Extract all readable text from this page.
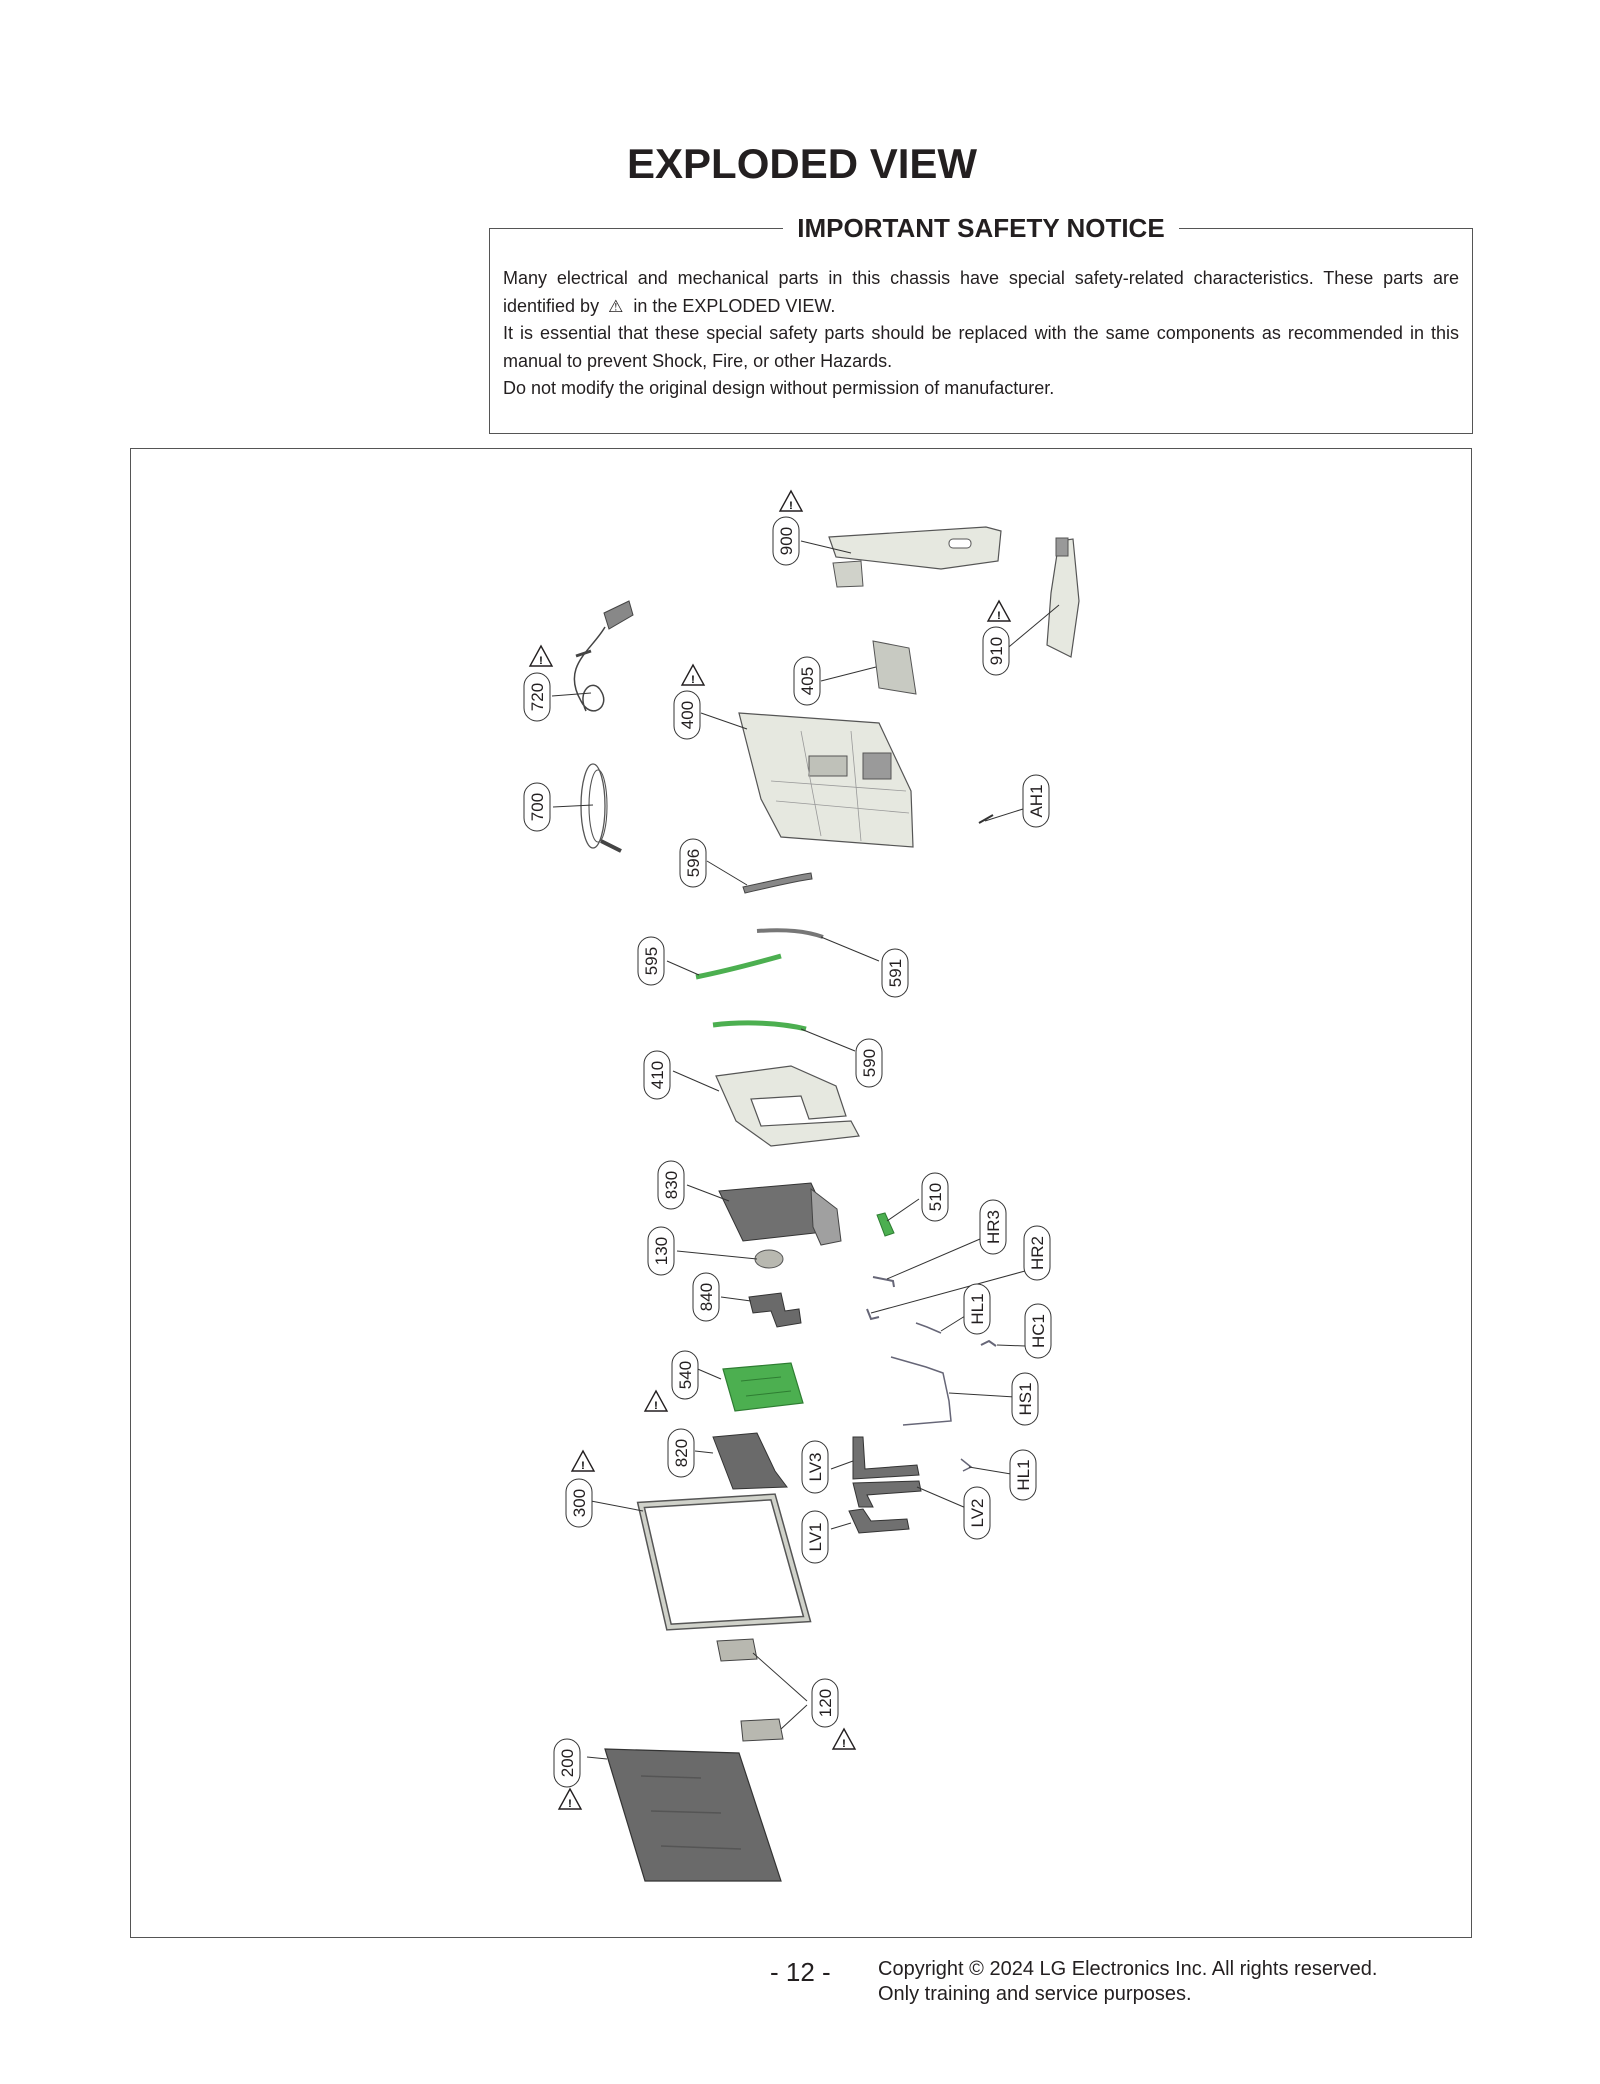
EXPLODED VIEW
IMPORTANT SAFETY NOTICE

Many electrical and mechanical parts in this chassis have special safety-related characteristics. These parts are identified by ⚠ in the EXPLODED VIEW.

It is essential that these special safety parts should be replaced with the same components as recommended in this manual to prevent Shock, Fire, or other Hazards.

Do not modify the original design without permission of manufacturer.

900
!
910
!
720
!
405
400
!
700	AH1
596
595	591
590
410
830	510
HR3
130	HR2
840	HL1
HC1
540
!	HS1
820	LV3	HL1
300
!
LV2
LV1
120
!
200
!
- 12 - Copyright © 2024 LG Electronics Inc. All rights reserved.
Only training and service purposes.
